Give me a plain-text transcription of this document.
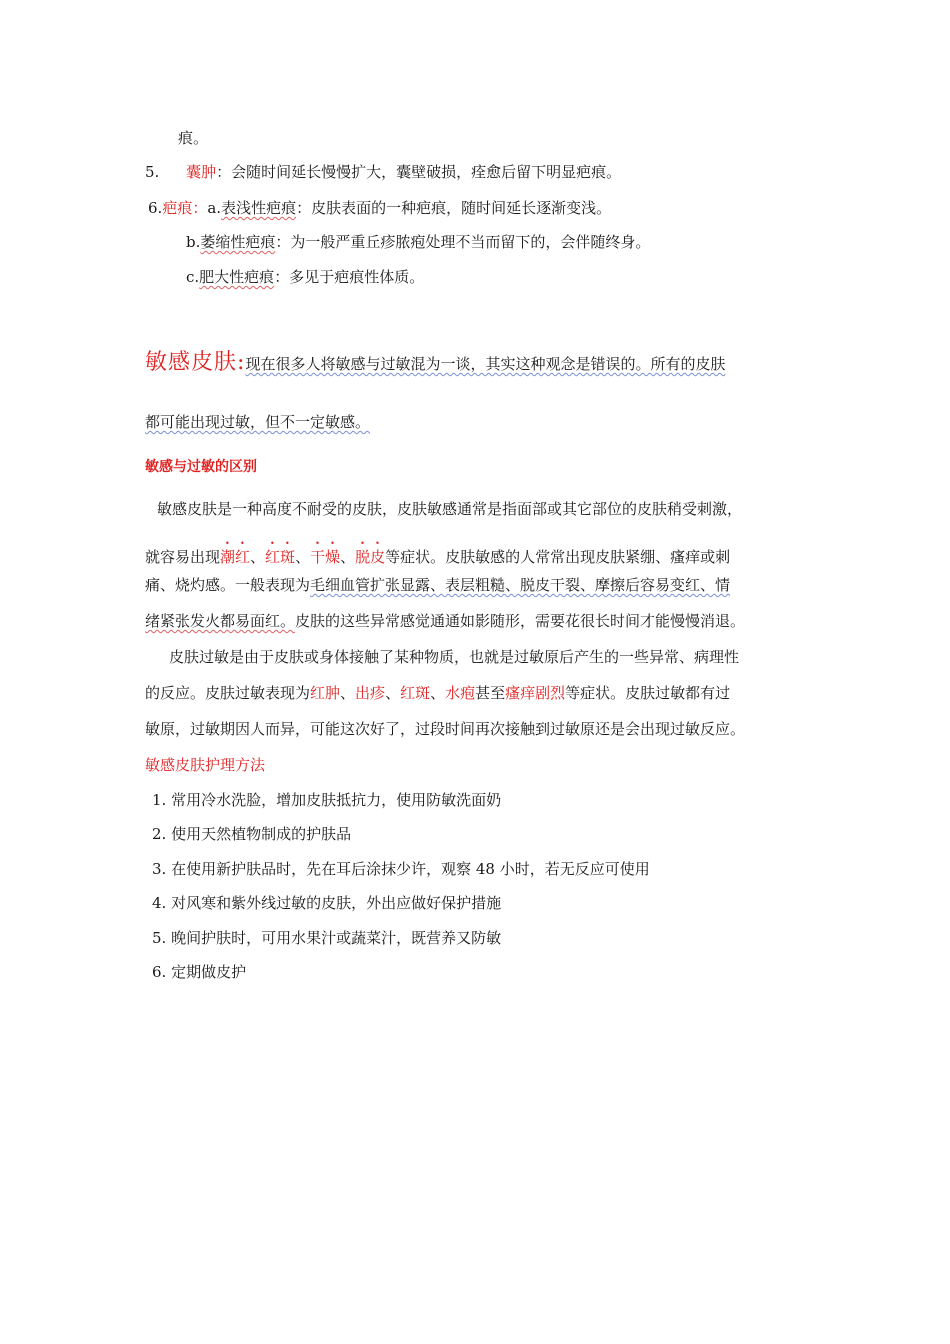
痕。
5. 囊肿：会随时间延长慢慢扩大，囊壁破损，痊愈后留下明显疤痕。
6.疤痕：a.表浅性疤痕：皮肤表面的一种疤痕，随时间延长逐渐变浅。
b.萎缩性疤痕：为一般严重丘疹脓疱处理不当而留下的，会伴随终身。
c.肥大性疤痕：多见于疤痕性体质。
敏感皮肤:现在很多人将敏感与过敏混为一谈，其实这种观念是错误的。所有的皮肤
都可能出现过敏，但不一定敏感。
敏感与过敏的区别
敏感皮肤是一种高度不耐受的皮肤，皮肤敏感通常是指面部或其它部位的皮肤稍受刺激，
就容易出现潮红、红斑、干燥、脱皮等症状。皮肤敏感的人常常出现皮肤紧绷、瘙痒或刺
痛、烧灼感。一般表现为毛细血管扩张显露、表层粗糙、脱皮干裂、摩擦后容易变红、情
绪紧张发火都易面红。皮肤的这些异常感觉通通如影随形，需要花很长时间才能慢慢消退。
皮肤过敏是由于皮肤或身体接触了某种物质，也就是过敏原后产生的一些异常、病理性
的反应。皮肤过敏表现为红肿、出疹、红斑、水疱甚至瘙痒剧烈等症状。皮肤过敏都有过
敏原，过敏期因人而异，可能这次好了，过段时间再次接触到过敏原还是会出现过敏反应。
敏感皮肤护理方法
1. 常用冷水洗脸，增加皮肤抵抗力，使用防敏洗面奶
2. 使用天然植物制成的护肤品
3. 在使用新护肤品时，先在耳后涂抹少许，观察 48 小时，若无反应可使用
4. 对风寒和紫外线过敏的皮肤，外出应做好保护措施
5. 晚间护肤时，可用水果汁或蔬菜汁，既营养又防敏
6. 定期做皮护
